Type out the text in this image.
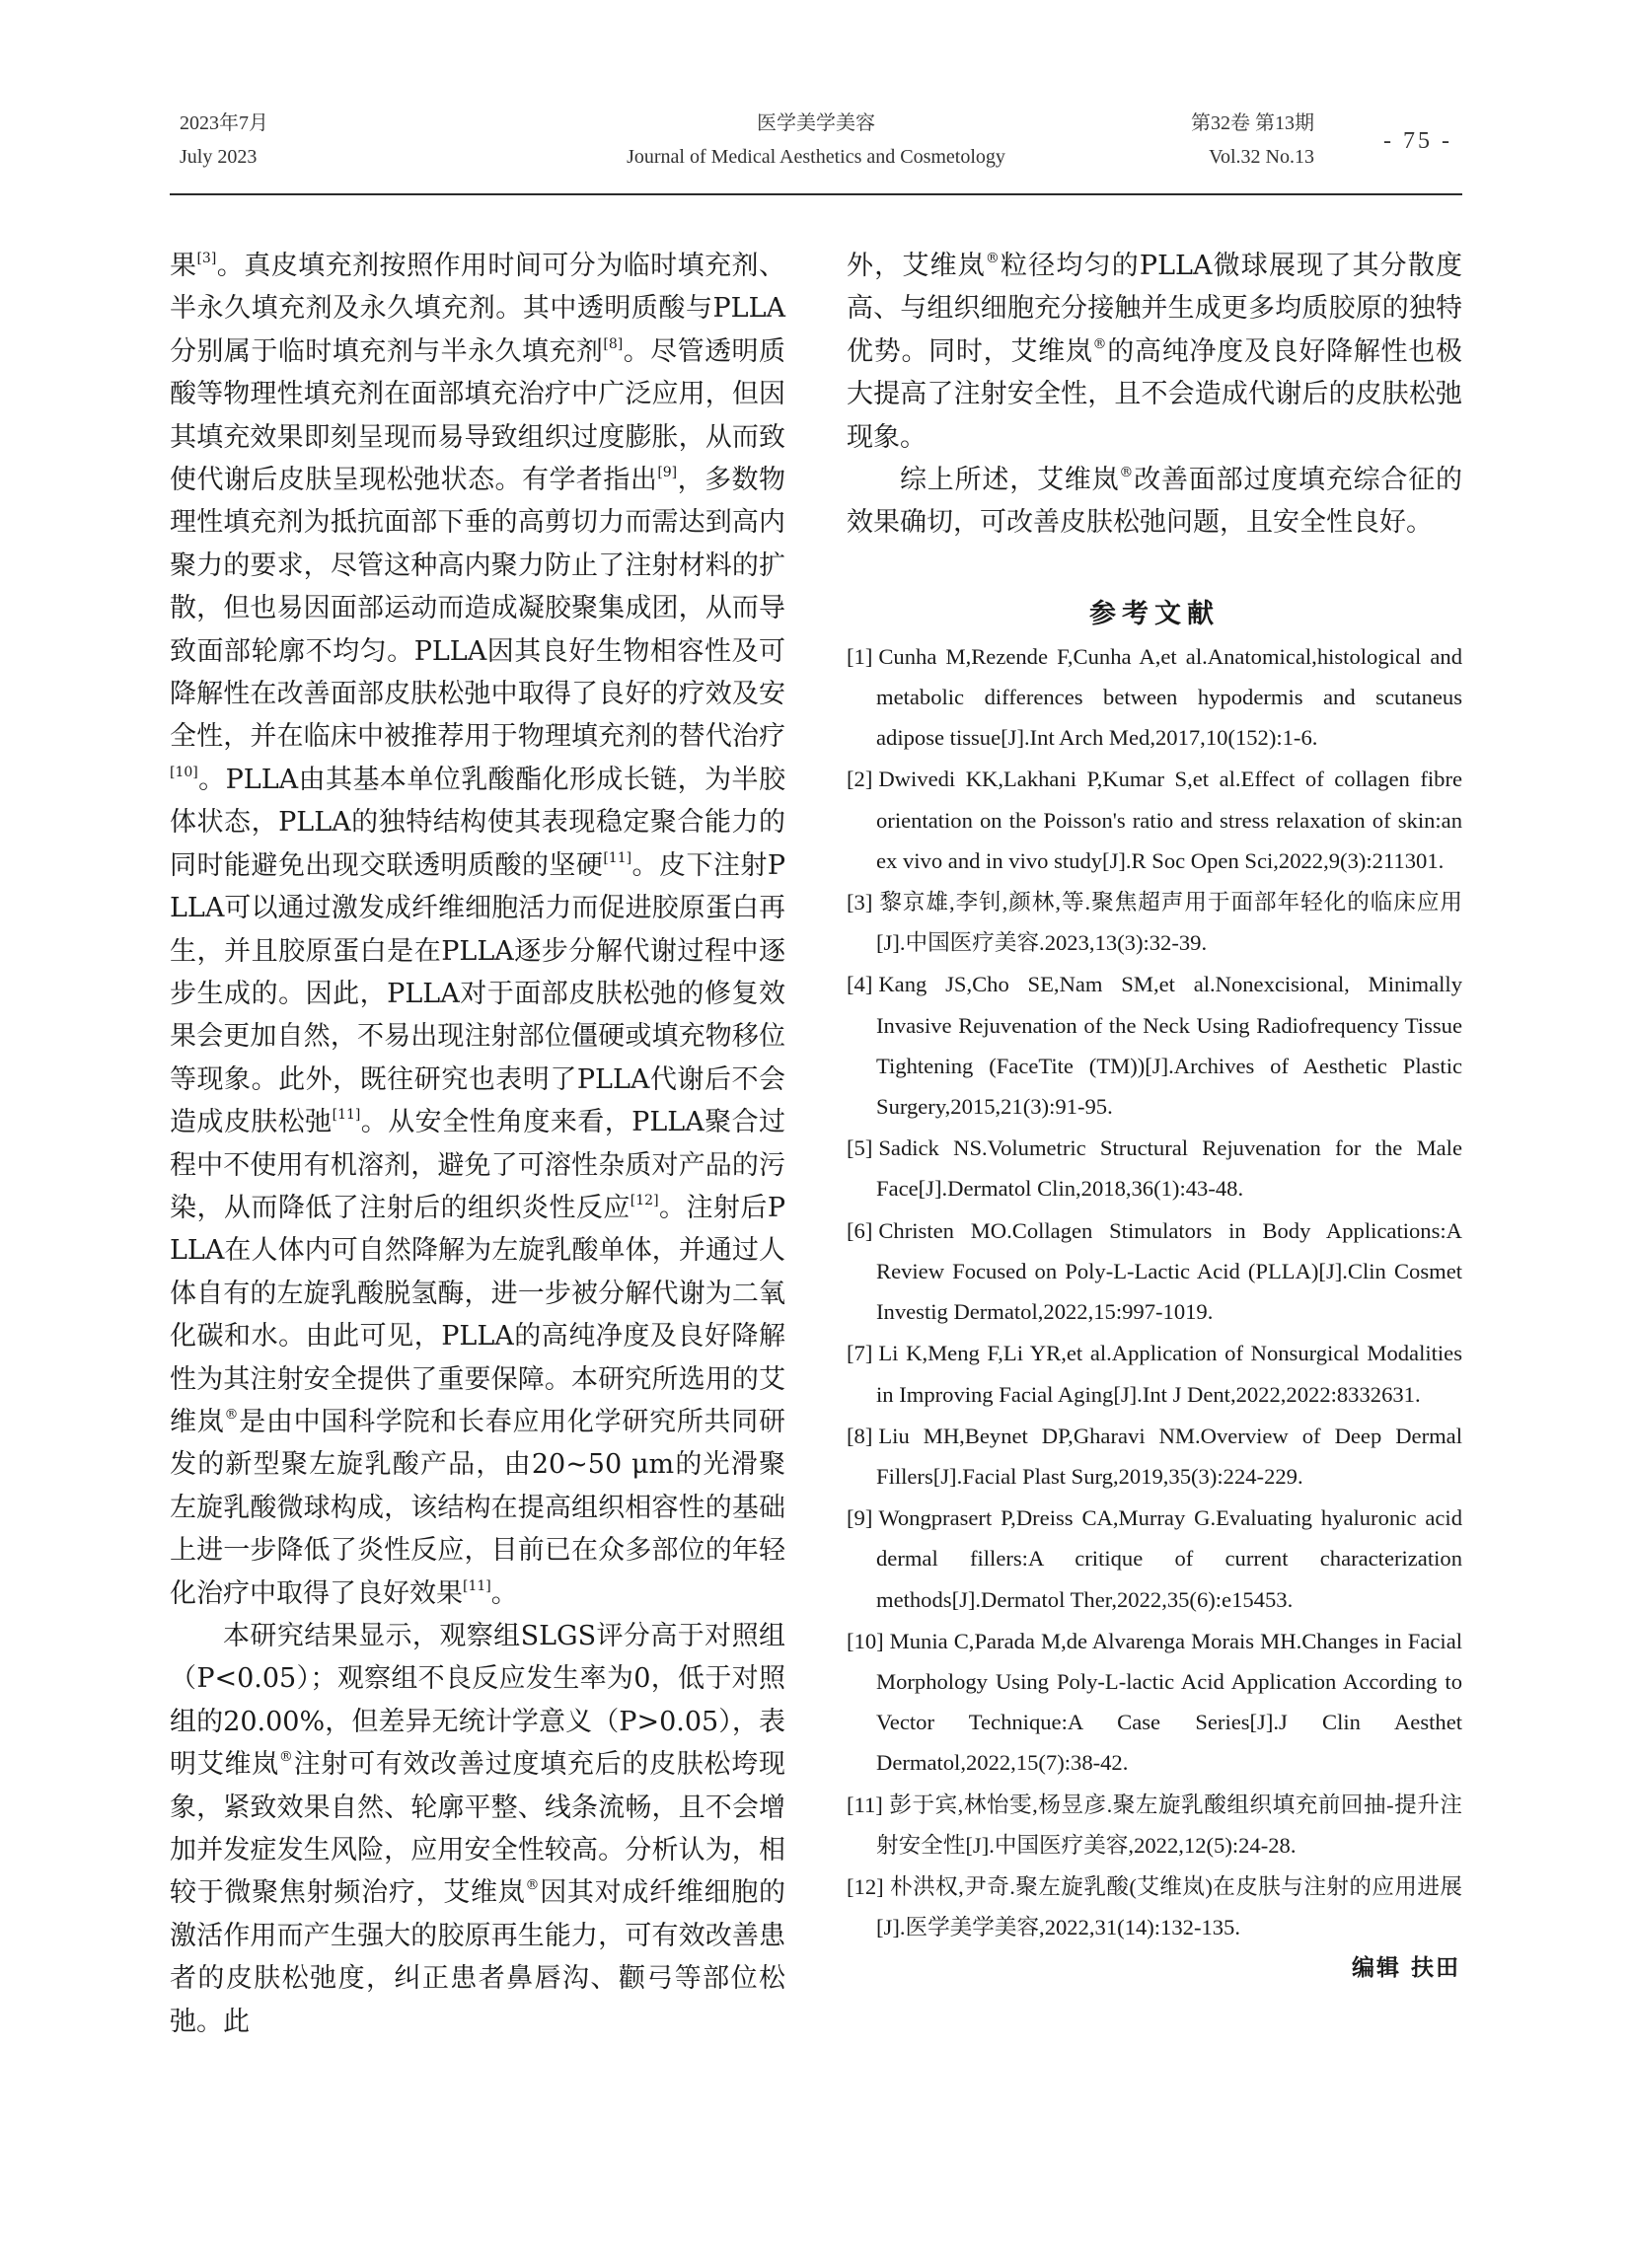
2023年7月
July 2023
医学美学美容
Journal of Medical Aesthetics and Cosmetology
第32卷 第13期
Vol.32 No.13
- 75 -

果[3]。真皮填充剂按照作用时间可分为临时填充剂、半永久填充剂及永久填充剂。其中透明质酸与PLLA分别属于临时填充剂与半永久填充剂[8]。尽管透明质酸等物理性填充剂在面部填充治疗中广泛应用，但因其填充效果即刻呈现而易导致组织过度膨胀，从而致使代谢后皮肤呈现松弛状态。有学者指出[9]，多数物理性填充剂为抵抗面部下垂的高剪切力而需达到高内聚力的要求，尽管这种高内聚力防止了注射材料的扩散，但也易因面部运动而造成凝胶聚集成团，从而导致面部轮廓不均匀。PLLA因其良好生物相容性及可降解性在改善面部皮肤松弛中取得了良好的疗效及安全性，并在临床中被推荐用于物理填充剂的替代治疗[10]。PLLA由其基本单位乳酸酯化形成长链，为半胶体状态，PLLA的独特结构使其表现稳定聚合能力的同时能避免出现交联透明质酸的坚硬[11]。皮下注射PLLA可以通过激发成纤维细胞活力而促进胶原蛋白再生，并且胶原蛋白是在PLLA逐步分解代谢过程中逐步生成的。因此，PLLA对于面部皮肤松弛的修复效果会更加自然，不易出现注射部位僵硬或填充物移位等现象。此外，既往研究也表明了PLLA代谢后不会造成皮肤松弛[11]。从安全性角度来看，PLLA聚合过程中不使用有机溶剂，避免了可溶性杂质对产品的污染，从而降低了注射后的组织炎性反应[12]。注射后PLLA在人体内可自然降解为左旋乳酸单体，并通过人体自有的左旋乳酸脱氢酶，进一步被分解代谢为二氧化碳和水。由此可见，PLLA的高纯净度及良好降解性为其注射安全提供了重要保障。本研究所选用的艾维岚®是由中国科学院和长春应用化学研究所共同研发的新型聚左旋乳酸产品，由20~50 μm的光滑聚左旋乳酸微球构成，该结构在提高组织相容性的基础上进一步降低了炎性反应，目前已在众多部位的年轻化治疗中取得了良好效果[11]。

本研究结果显示，观察组SLGS评分高于对照组（P<0.05）；观察组不良反应发生率为0，低于对照组的20.00%，但差异无统计学意义（P>0.05），表明艾维岚®注射可有效改善过度填充后的皮肤松垮现象，紧致效果自然、轮廓平整、线条流畅，且不会增加并发症发生风险，应用安全性较高。分析认为，相较于微聚焦射频治疗，艾维岚®因其对成纤维细胞的激活作用而产生强大的胶原再生能力，可有效改善患者的皮肤松弛度，纠正患者鼻唇沟、颧弓等部位松弛。此

外，艾维岚®粒径均匀的PLLA微球展现了其分散度高、与组织细胞充分接触并生成更多均质胶原的独特优势。同时，艾维岚®的高纯净度及良好降解性也极大提高了注射安全性，且不会造成代谢后的皮肤松弛现象。

综上所述，艾维岚®改善面部过度填充综合征的效果确切，可改善皮肤松弛问题，且安全性良好。

参考文献
[1] Cunha M,Rezende F,Cunha A,et al.Anatomical,histological and metabolic differences between hypodermis and scutaneus adipose tissue[J].Int Arch Med,2017,10(152):1-6.
[2] Dwivedi KK,Lakhani P,Kumar S,et al.Effect of collagen fibre orientation on the Poisson's ratio and stress relaxation of skin:an ex vivo and in vivo study[J].R Soc Open Sci,2022,9(3):211301.
[3] 黎京雄,李钊,颜林,等.聚焦超声用于面部年轻化的临床应用[J].中国医疗美容.2023,13(3):32-39.
[4] Kang JS,Cho SE,Nam SM,et al.Nonexcisional, Minimally Invasive Rejuvenation of the Neck Using Radiofrequency Tissue Tightening (FaceTite (TM))[J].Archives of Aesthetic Plastic Surgery,2015,21(3):91-95.
[5] Sadick NS.Volumetric Structural Rejuvenation for the Male Face[J].Dermatol Clin,2018,36(1):43-48.
[6] Christen MO.Collagen Stimulators in Body Applications:A Review Focused on Poly-L-Lactic Acid (PLLA)[J].Clin Cosmet Investig Dermatol,2022,15:997-1019.
[7] Li K,Meng F,Li YR,et al.Application of Nonsurgical Modalities in Improving Facial Aging[J].Int J Dent,2022,2022:8332631.
[8] Liu MH,Beynet DP,Gharavi NM.Overview of Deep Dermal Fillers[J].Facial Plast Surg,2019,35(3):224-229.
[9] Wongprasert P,Dreiss CA,Murray G.Evaluating hyaluronic acid dermal fillers:A critique of current characterization methods[J].Dermatol Ther,2022,35(6):e15453.
[10] Munia C,Parada M,de Alvarenga Morais MH.Changes in Facial Morphology Using Poly-L-lactic Acid Application According to Vector Technique:A Case Series[J].J Clin Aesthet Dermatol,2022,15(7):38-42.
[11] 彭于宾,林怡雯,杨昱彦.聚左旋乳酸组织填充前回抽-提升注射安全性[J].中国医疗美容,2022,12(5):24-28.
[12] 朴洪权,尹奇.聚左旋乳酸(艾维岚)在皮肤与注射的应用进展[J].医学美学美容,2022,31(14):132-135.
编辑 扶田
